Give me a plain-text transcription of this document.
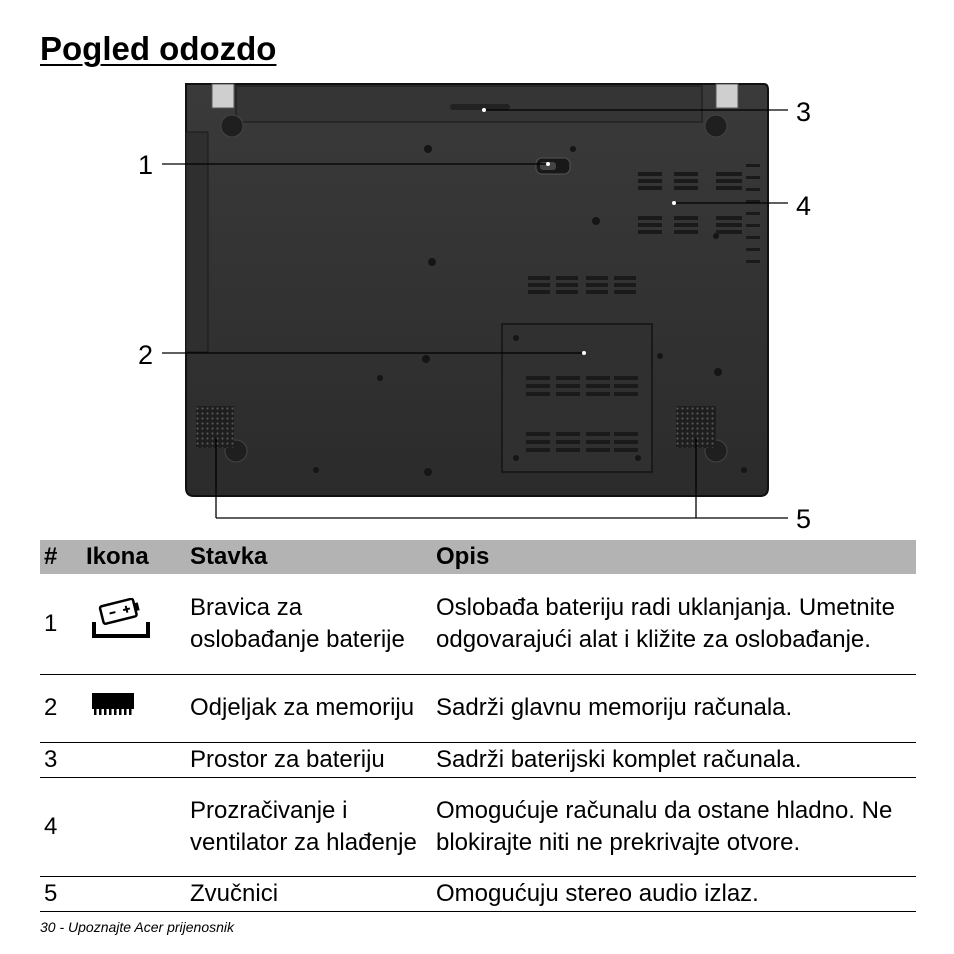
Pogled odozdo
1
2
3
4
5
#	Ikona	Stavka	Opis
1		Bravica za oslobađanje baterije	Oslobađa bateriju radi uklanjanja. Umetnite odgovarajući alat i kližite za oslobađanje.
2		Odjeljak za memoriju	Sadrži glavnu memoriju računala.
3		Prostor za bateriju	Sadrži baterijski komplet računala.
4		Prozračivanje i ventilator za hlađenje	Omogućuje računalu da ostane hladno. Ne blokirajte niti ne prekrivajte otvore.
5		Zvučnici	Omogućuju stereo audio izlaz.
30 - Upoznajte Acer prijenosnik
